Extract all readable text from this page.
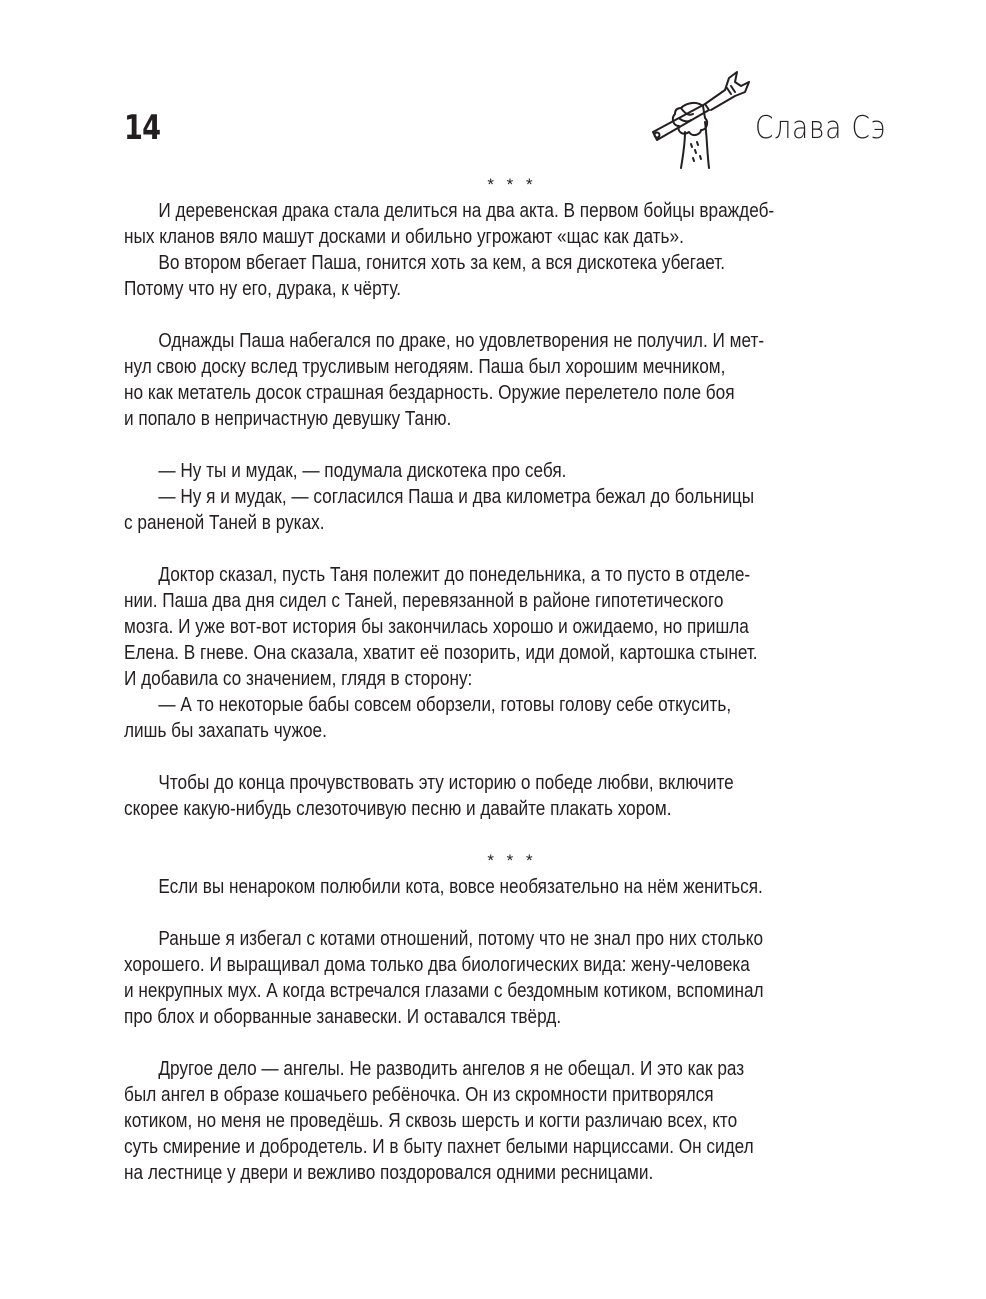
14	Слава Сэ
* * *
И деревенская драка стала делиться на два акта. В первом бойцы враждеб-
ных кланов вяло машут досками и обильно угрожают «щас как дать».
Во втором вбегает Паша, гонится хоть за кем, а вся дискотека убегает.
Потому что ну его, дурака, к чёрту.
Однажды Паша набегался по драке, но удовлетворения не получил. И мет-
нул свою доску вслед трусливым негодяям. Паша был хорошим мечником,
но как метатель досок страшная бездарность. Оружие перелетело поле боя
и попало в непричастную девушку Таню.
— Ну ты и мудак, — подумала дискотека про себя.
— Ну я и мудак, — согласился Паша и два километра бежал до больницы
с раненой Таней в руках.
Доктор сказал, пусть Таня полежит до понедельника, а то пусто в отделе-
нии. Паша два дня сидел с Таней, перевязанной в районе гипотетического
мозга. И уже вот-вот история бы закончилась хорошо и ожидаемо, но пришла
Елена. В гневе. Она сказала, хватит её позорить, иди домой, картошка стынет.
И добавила со значением, глядя в сторону:
— А то некоторые бабы совсем оборзели, готовы голову себе откусить,
лишь бы захапать чужое.
Чтобы до конца прочувствовать эту историю о победе любви, включите
скорее какую-нибудь слезоточивую песню и давайте плакать хором.
* * *
Если вы ненароком полюбили кота, вовсе необязательно на нём жениться.
Раньше я избегал с котами отношений, потому что не знал про них столько
хорошего. И выращивал дома только два биологических вида: жену-человека
и некрупных мух. А когда встречался глазами с бездомным котиком, вспоминал
про блох и оборванные занавески. И оставался твёрд.
Другое дело — ангелы. Не разводить ангелов я не обещал. И это как раз
был ангел в образе кошачьего ребёночка. Он из скромности притворялся
котиком, но меня не проведёшь. Я сквозь шерсть и когти различаю всех, кто
суть смирение и добродетель. И в быту пахнет белыми нарциссами. Он сидел
на лестнице у двери и вежливо поздоровался одними ресницами.
